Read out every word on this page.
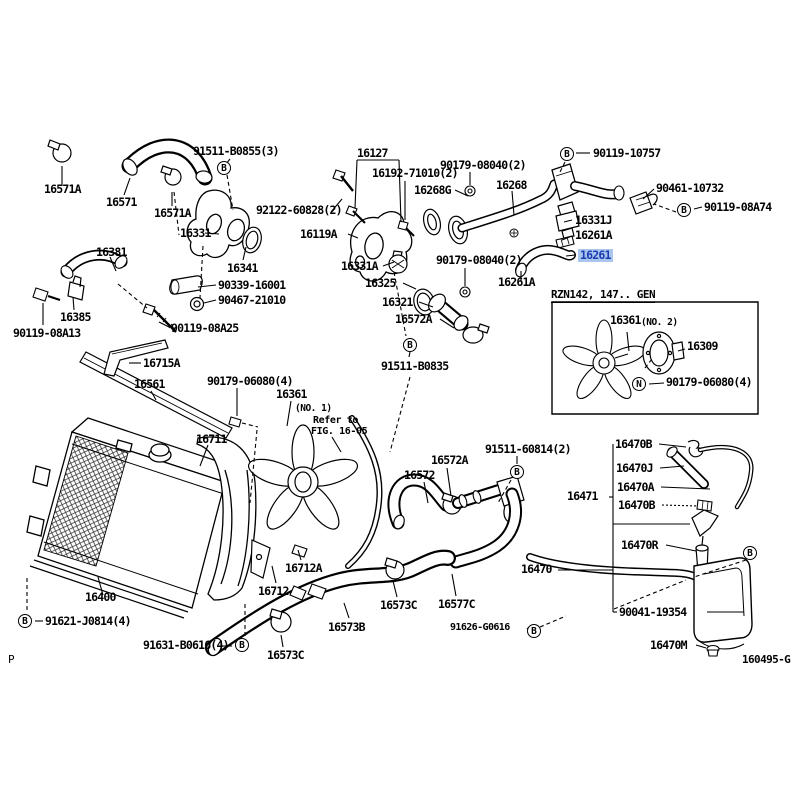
16571A
16571
91511-B0855(3)
16571A	92122-60828(2)
16331
16341
16119A
16127
16192-71010(2)
90179-08040(2)
16268G	16268
90119-10757
90461-10732
90119-08A74
16331J
16261A
16261
16381
90339-16001
90467-21010
16385
90119-08A13	90119-08A25
16715A
16561
16331A
16325
16321
16572A
90179-08040(2)
16261A
91511-B0835
16361 (NO. 2)
16309
90179-06080(4)
90179-06080(4)
16361
(NO. 1)
Refer to
FIG. 16-05
16711
16400
91621-J0814(4)
91631-B0616(4)
16712A
16712
16573C
16573B
16573C 16577C
91626-G0616
16572A
16572
91511-60814(2)
16471
16470
16470B
16470J
16470A
16470B
16470R
90041-19354
16470M
B
B
B
B
B
B
B
B
B
N
RZN142, 147.. GEN
P	160495-G
